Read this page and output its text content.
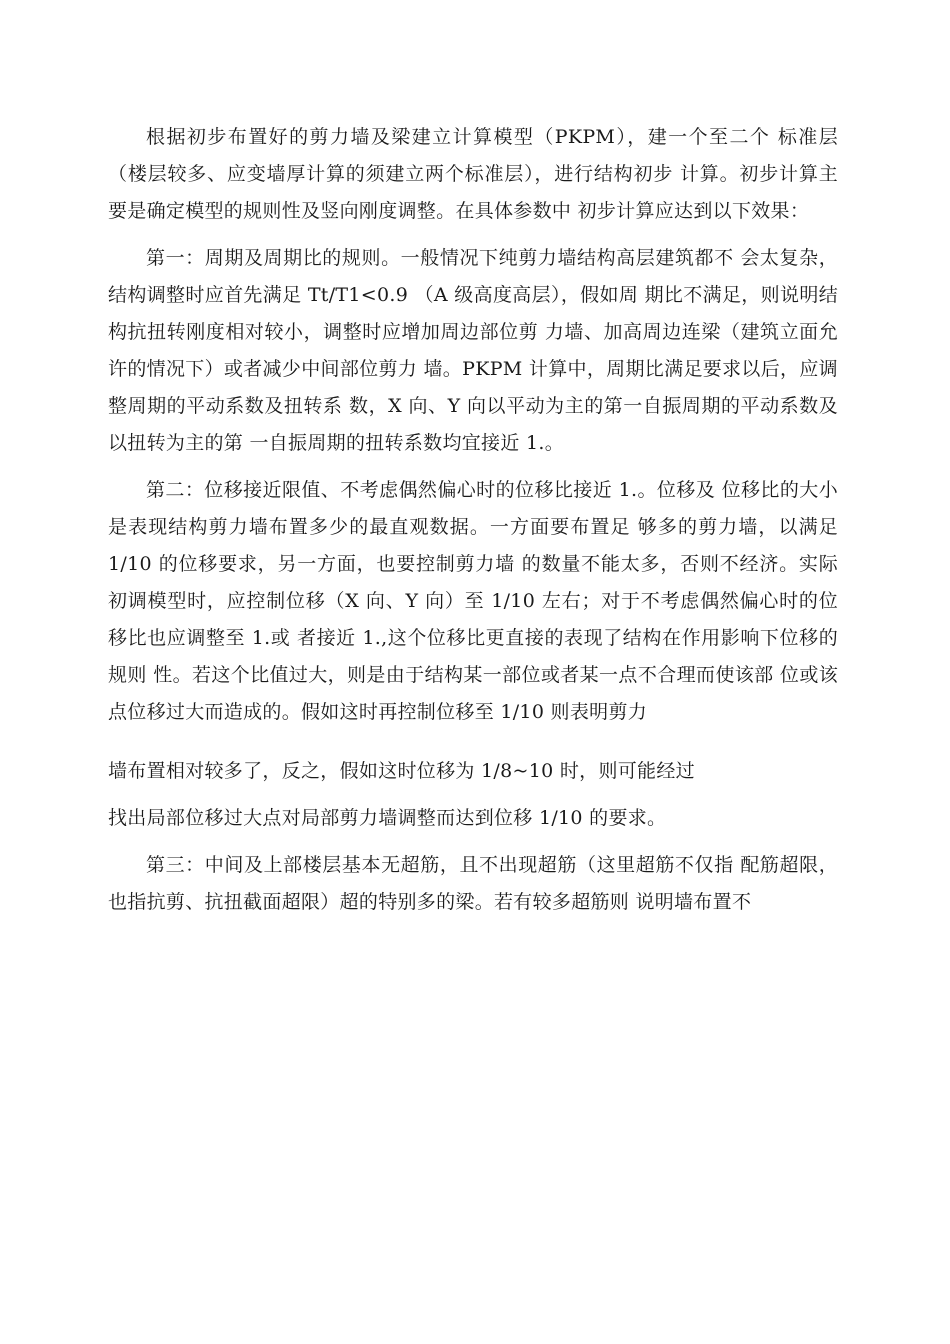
根据初步布置好的剪力墙及梁建立计算模型（PKPM），建一个至二个 标准层（楼层较多、应变墙厚计算的须建立两个标准层），进行结构初步 计算。初步计算主要是确定模型的规则性及竖向刚度调整。在具体参数中 初步计算应达到以下效果：

第一：周期及周期比的规则。一般情况下纯剪力墙结构高层建筑都不 会太复杂，结构调整时应首先满足 Tt/T1<0.9 （A 级高度高层），假如周 期比不满足，则说明结构抗扭转刚度相对较小，调整时应增加周边部位剪 力墙、加高周边连梁（建筑立面允许的情况下）或者减少中间部位剪力 墙。PKPM 计算中，周期比满足要求以后，应调整周期的平动系数及扭转系 数，X 向、Y 向以平动为主的第一自振周期的平动系数及以扭转为主的第 一自振周期的扭转系数均宜接近 1.。

第二：位移接近限值、不考虑偶然偏心时的位移比接近 1.。位移及 位移比的大小是表现结构剪力墙布置多少的最直观数据。一方面要布置足 够多的剪力墙，以满足 1/10 的位移要求，另一方面，也要控制剪力墙 的数量不能太多，否则不经济。实际初调模型时，应控制位移（X 向、Y 向）至 1/10 左右；对于不考虑偶然偏心时的位移比也应调整至 1.或 者接近 1.,这个位移比更直接的表现了结构在作用影响下位移的规则 性。若这个比值过大，则是由于结构某一部位或者某一点不合理而使该部 位或该点位移过大而造成的。假如这时再控制位移至 1/10 则表明剪力

墙布置相对较多了，反之，假如这时位移为 1/8~10 时，则可能经过

找出局部位移过大点对局部剪力墙调整而达到位移 1/10 的要求。

第三：中间及上部楼层基本无超筋，且不出现超筋（这里超筋不仅指 配筋超限，也指抗剪、抗扭截面超限）超的特别多的梁。若有较多超筋则 说明墙布置不
